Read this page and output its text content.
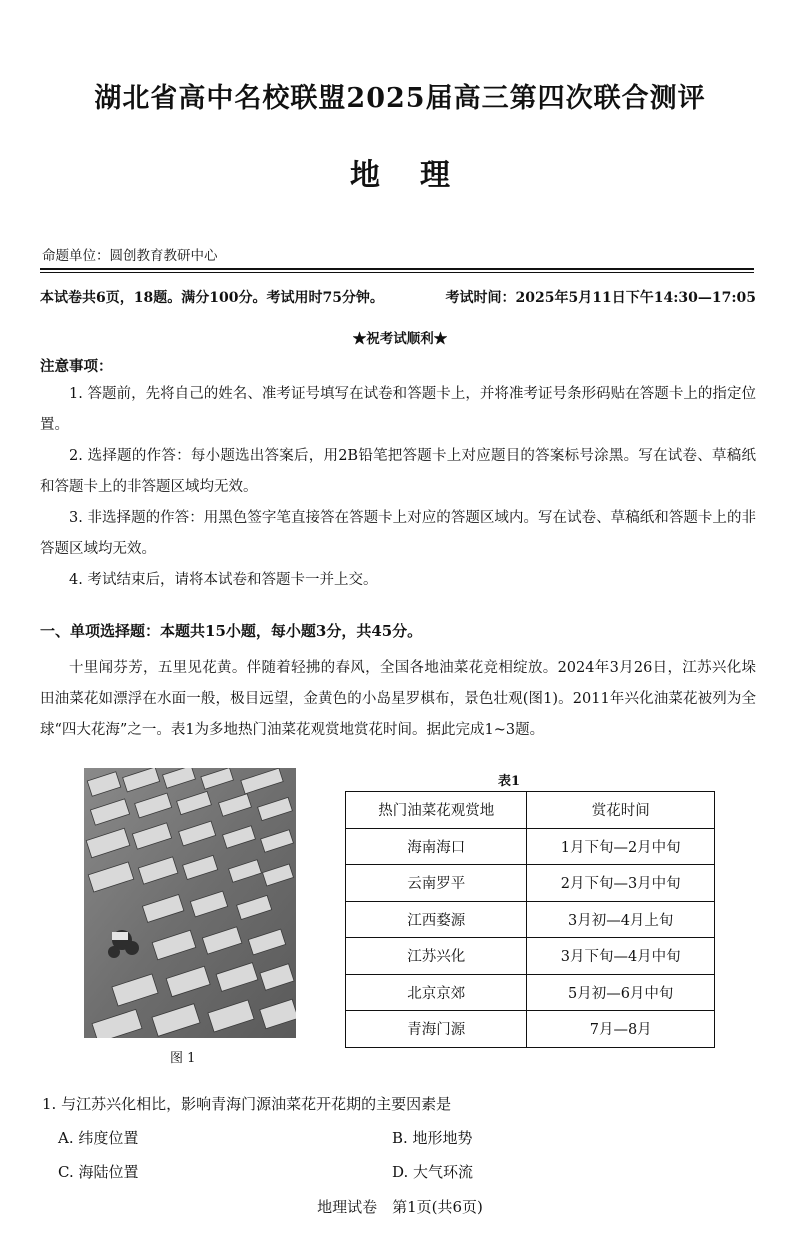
湖北省高中名校联盟2025届高三第四次联合测评
地理
命题单位：圆创教育教研中心
本试卷共6页，18题。满分100分。考试用时75分钟。	考试时间：2025年5月11日下午14:30—17:05
★祝考试顺利★
注意事项：
1. 答题前，先将自己的姓名、准考证号填写在试卷和答题卡上，并将准考证号条形码贴在答题卡上的指定位置。
2. 选择题的作答：每小题选出答案后，用2B铅笔把答题卡上对应题目的答案标号涂黑。写在试卷、草稿纸和答题卡上的非答题区域均无效。
3. 非选择题的作答：用黑色签字笔直接答在答题卡上对应的答题区域内。写在试卷、草稿纸和答题卡上的非答题区域均无效。
4. 考试结束后，请将本试卷和答题卡一并上交。
一、单项选择题：本题共15小题，每小题3分，共45分。
十里闻芬芳，五里见花黄。伴随着轻拂的春风，全国各地油菜花竞相绽放。2024年3月26日，江苏兴化垛田油菜花如漂浮在水面一般，极目远望，金黄色的小岛星罗棋布，景色壮观(图1)。2011年兴化油菜花被列为全球“四大花海”之一。表1为多地热门油菜花观赏地赏花时间。据此完成1~3题。
图 1
表1
热门油菜花观赏地	赏花时间
海南海口	1月下旬—2月中旬
云南罗平	2月下旬—3月中旬
江西婺源	3月初—4月上旬
江苏兴化	3月下旬—4月中旬
北京京郊	5月初—6月中旬
青海门源	7月—8月
1. 与江苏兴化相比，影响青海门源油菜花开花期的主要因素是
A. 纬度位置	B. 地形地势
C. 海陆位置	D. 大气环流
地理试卷　第1页(共6页)
